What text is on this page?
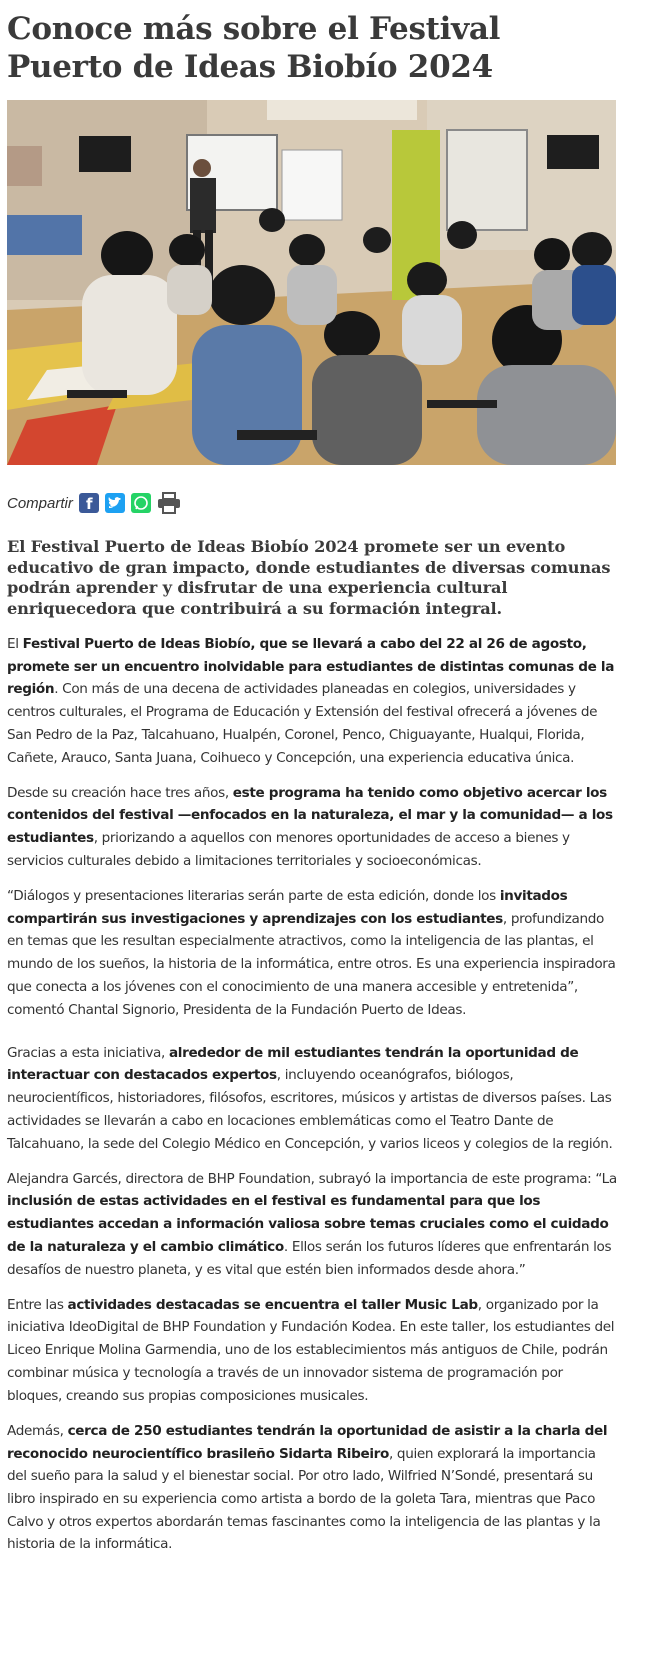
Conoce más sobre el Festival Puerto de Ideas Biobío 2024
Compartir f

El Festival Puerto de Ideas Biobío 2024 promete ser un evento educativo de gran impacto, donde estudiantes de diversas comunas podrán aprender y disfrutar de una experiencia cultural enriquecedora que contribuirá a su formación integral.

El Festival Puerto de Ideas Biobío, que se llevará a cabo del 22 al 26 de agosto, promete ser un encuentro inolvidable para estudiantes de distintas comunas de la región. Con más de una decena de actividades planeadas en colegios, universidades y centros culturales, el Programa de Educación y Extensión del festival ofrecerá a jóvenes de San Pedro de la Paz, Talcahuano, Hualpén, Coronel, Penco, Chiguayante, Hualqui, Florida, Cañete, Arauco, Santa Juana, Coihueco y Concepción, una experiencia educativa única.

Desde su creación hace tres años, este programa ha tenido como objetivo acercar los contenidos del festival —enfocados en la naturaleza, el mar y la comunidad— a los estudiantes, priorizando a aquellos con menores oportunidades de acceso a bienes y servicios culturales debido a limitaciones territoriales y socioeconómicas.

“Diálogos y presentaciones literarias serán parte de esta edición, donde los invitados compartirán sus investigaciones y aprendizajes con los estudiantes, profundizando en temas que les resultan especialmente atractivos, como la inteligencia de las plantas, el mundo de los sueños, la historia de la informática, entre otros. Es una experiencia inspiradora que conecta a los jóvenes con el conocimiento de una manera accesible y entretenida”, comentó Chantal Signorio, Presidenta de la Fundación Puerto de Ideas.

Gracias a esta iniciativa, alrededor de mil estudiantes tendrán la oportunidad de interactuar con destacados expertos, incluyendo oceanógrafos, biólogos, neurocientíficos, historiadores, filósofos, escritores, músicos y artistas de diversos países. Las actividades se llevarán a cabo en locaciones emblemáticas como el Teatro Dante de Talcahuano, la sede del Colegio Médico en Concepción, y varios liceos y colegios de la región.

Alejandra Garcés, directora de BHP Foundation, subrayó la importancia de este programa: “La inclusión de estas actividades en el festival es fundamental para que los estudiantes accedan a información valiosa sobre temas cruciales como el cuidado de la naturaleza y el cambio climático. Ellos serán los futuros líderes que enfrentarán los desafíos de nuestro planeta, y es vital que estén bien informados desde ahora.”

Entre las actividades destacadas se encuentra el taller Music Lab, organizado por la iniciativa IdeoDigital de BHP Foundation y Fundación Kodea. En este taller, los estudiantes del Liceo Enrique Molina Garmendia, uno de los establecimientos más antiguos de Chile, podrán combinar música y tecnología a través de un innovador sistema de programación por bloques, creando sus propias composiciones musicales.

Además, cerca de 250 estudiantes tendrán la oportunidad de asistir a la charla del reconocido neurocientífico brasileño Sidarta Ribeiro, quien explorará la importancia del sueño para la salud y el bienestar social. Por otro lado, Wilfried N’Sondé, presentará su libro inspirado en su experiencia como artista a bordo de la goleta Tara, mientras que Paco Calvo y otros expertos abordarán temas fascinantes como la inteligencia de las plantas y la historia de la informática.
